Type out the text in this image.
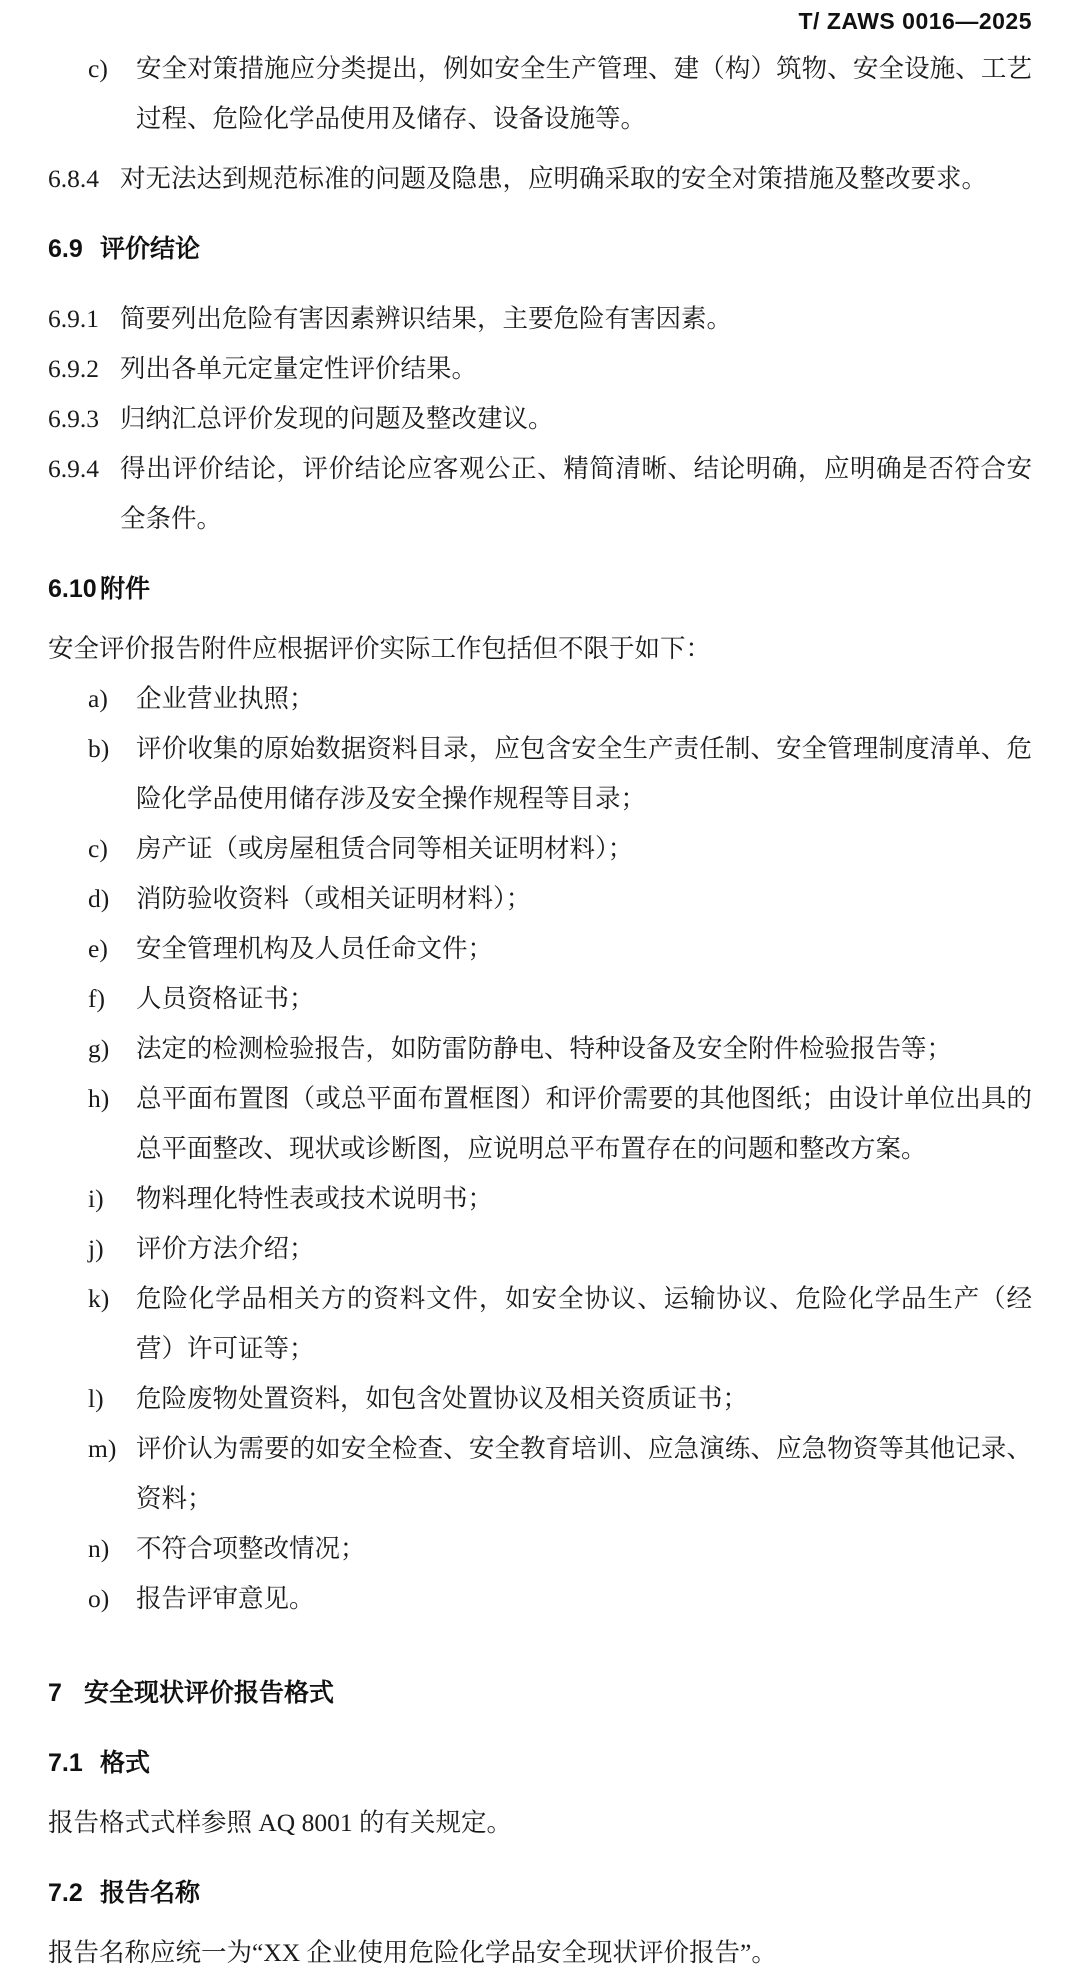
T/ ZAWS 0016—2025
c)	安全对策措施应分类提出，例如安全生产管理、建（构）筑物、安全设施、工艺过程、危险化学品使用及储存、设备设施等。
6.8.4 对无法达到规范标准的问题及隐患，应明确采取的安全对策措施及整改要求。
6.9 评价结论
6.9.1 简要列出危险有害因素辨识结果，主要危险有害因素。
6.9.2 列出各单元定量定性评价结果。
6.9.3 归纳汇总评价发现的问题及整改建议。
6.9.4 得出评价结论，评价结论应客观公正、精简清晰、结论明确，应明确是否符合安全条件。
6.10 附件
安全评价报告附件应根据评价实际工作包括但不限于如下：
a)	企业营业执照；
b)	评价收集的原始数据资料目录，应包含安全生产责任制、安全管理制度清单、危险化学品使用储存涉及安全操作规程等目录；
c)	房产证（或房屋租赁合同等相关证明材料）；
d)	消防验收资料（或相关证明材料）；
e)	安全管理机构及人员任命文件；
f)	人员资格证书；
g)	法定的检测检验报告，如防雷防静电、特种设备及安全附件检验报告等；
h)	总平面布置图（或总平面布置框图）和评价需要的其他图纸；由设计单位出具的总平面整改、现状或诊断图，应说明总平布置存在的问题和整改方案。
i)	物料理化特性表或技术说明书；
j)	评价方法介绍；
k)	危险化学品相关方的资料文件，如安全协议、运输协议、危险化学品生产（经营）许可证等；
l)	危险废物处置资料，如包含处置协议及相关资质证书；
m) 评价认为需要的如安全检查、安全教育培训、应急演练、应急物资等其他记录、资料；
n)	不符合项整改情况；
o)	报告评审意见。
7 安全现状评价报告格式
7.1 格式
报告格式式样参照 AQ 8001 的有关规定。
7.2 报告名称
报告名称应统一为“XX 企业使用危险化学品安全现状评价报告”。
